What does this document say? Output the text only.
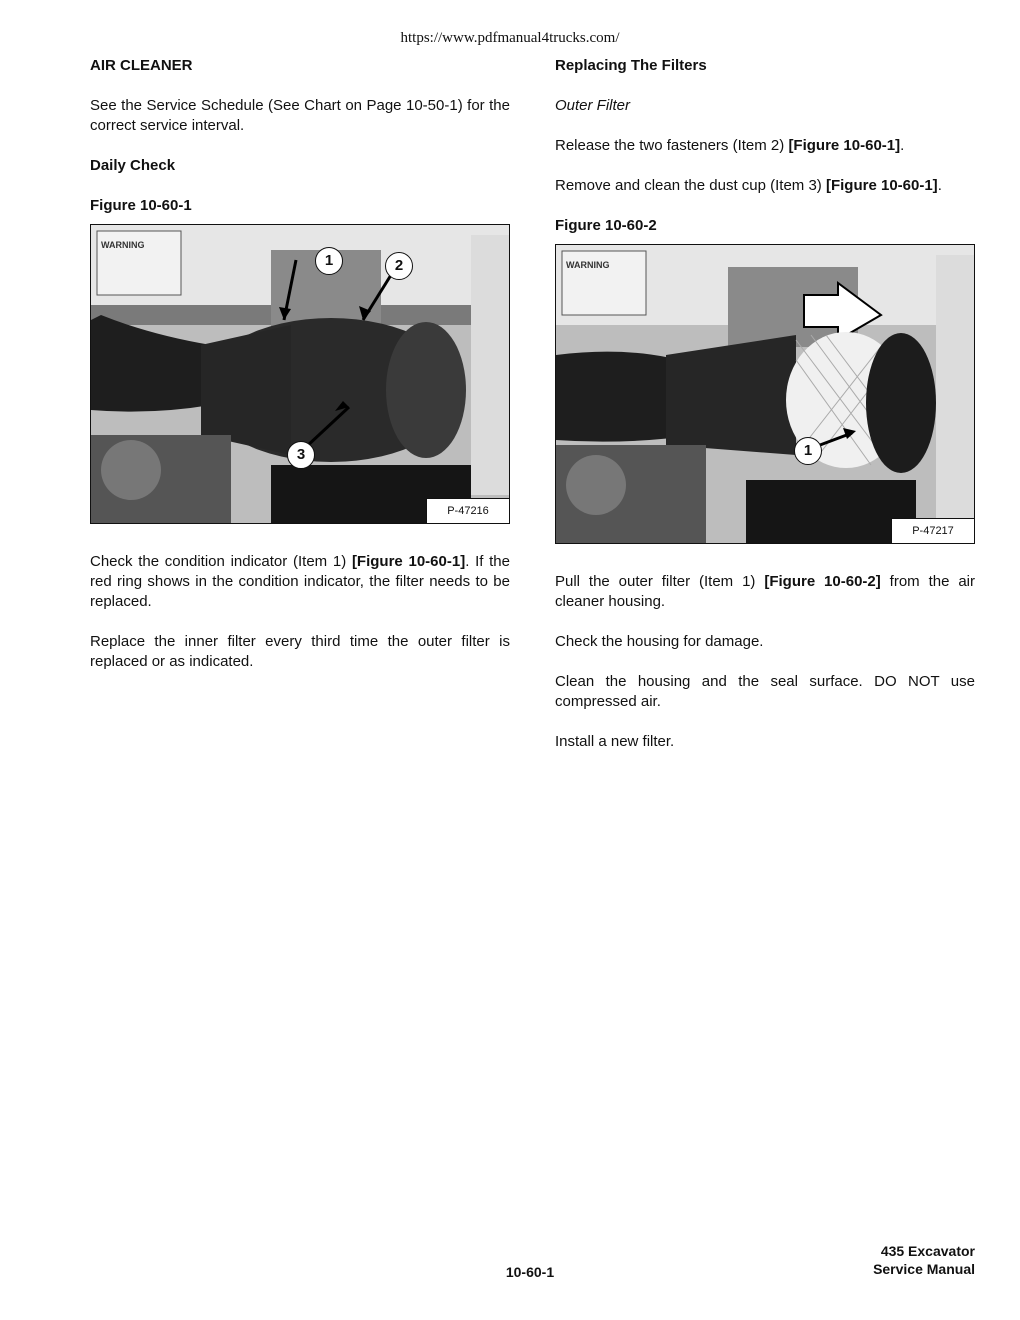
https://www.pdfmanual4trucks.com/
AIR CLEANER
See the Service Schedule (See Chart on Page 10-50-1) for the correct service interval.
Daily Check
Figure 10-60-1
WARNING
1	2
3
P-47216
Check the condition indicator (Item 1) [Figure 10-60-1]. If the red ring shows in the condition indicator, the filter needs to be replaced.
Replace the inner filter every third time the outer filter is replaced or as indicated.
Replacing The Filters
Outer Filter
Release the two fasteners (Item 2) [Figure 10-60-1].
Remove and clean the dust cup (Item 3) [Figure 10-60-1].
Figure 10-60-2
WARNING
1
P-47217
Pull the outer filter (Item 1) [Figure 10-60-2] from the air cleaner housing.
Check the housing for damage.
Clean the housing and the seal surface. DO NOT use compressed air.
Install a new filter.
10-60-1
435 Excavator
Service Manual
